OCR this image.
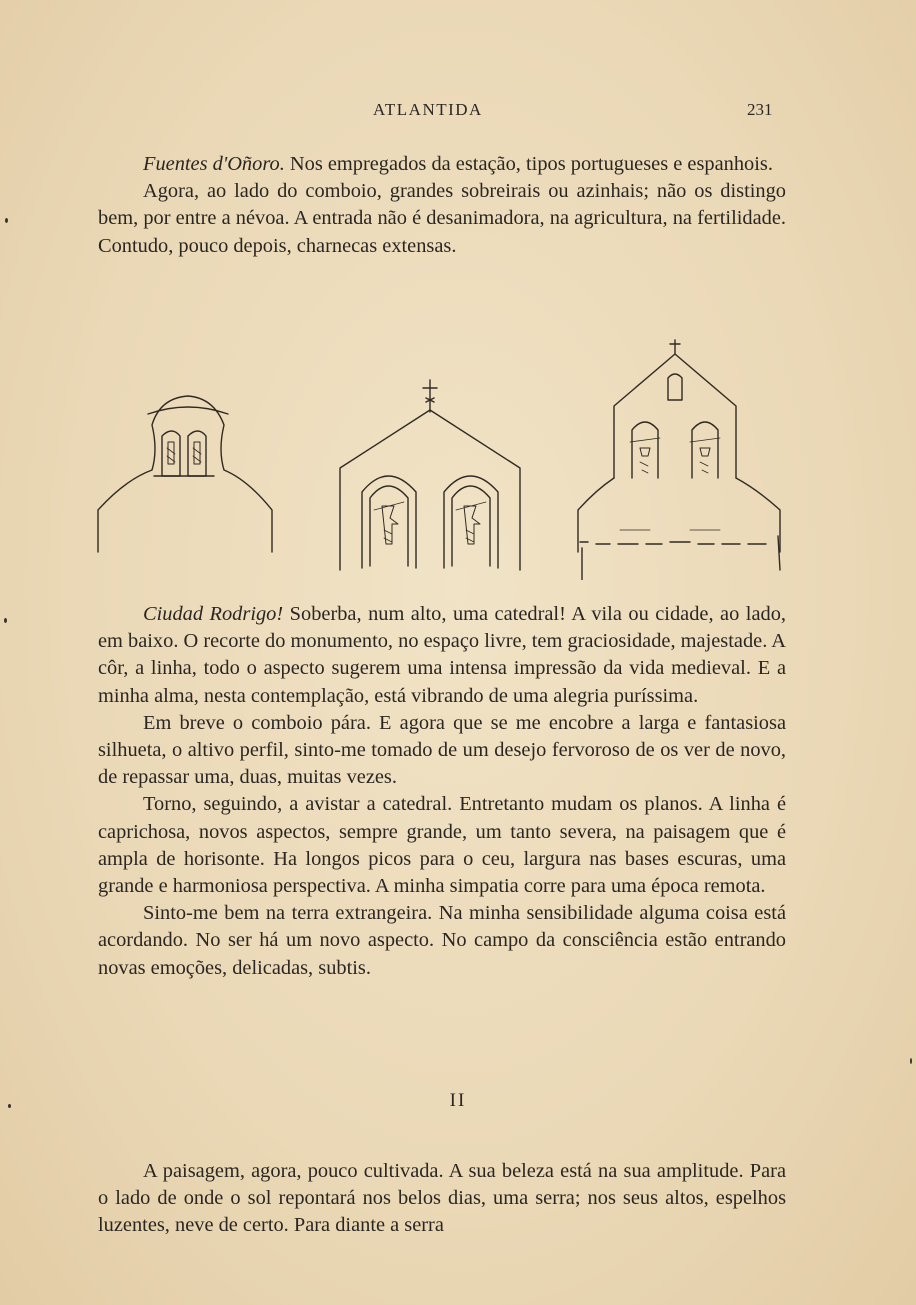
ATLANTIDA	231

Fuentes d'Oñoro. Nos empregados da estação, tipos portugueses e espanhois.

Agora, ao lado do comboio, grandes sobreirais ou azinhais; não os distingo bem, por entre a névoa. A entrada não é desanimadora, na agricultura, na fertilidade. Contudo, pouco depois, charnecas extensas.

Ciudad Rodrigo! Soberba, num alto, uma catedral! A vila ou cidade, ao lado, em baixo. O recorte do monumento, no espaço livre, tem graciosidade, majestade. A côr, a linha, todo o aspecto sugerem uma intensa impressão da vida medieval. E a minha alma, nesta contemplação, está vibrando de uma alegria puríssima.

Em breve o comboio pára. E agora que se me encobre a larga e fantasiosa silhueta, o altivo perfil, sinto-me tomado de um desejo fervoroso de os ver de novo, de repassar uma, duas, muitas vezes.

Torno, seguindo, a avistar a catedral. Entretanto mudam os planos. A linha é caprichosa, novos aspectos, sempre grande, um tanto severa, na paisagem que é ampla de horisonte. Ha longos picos para o ceu, largura nas bases escuras, uma grande e harmoniosa perspectiva. A minha simpatia corre para uma época remota.

Sinto-me bem na terra extrangeira. Na minha sensibilidade alguma coisa está acordando. No ser há um novo aspecto. No campo da consciência estão entrando novas emoções, delicadas, subtis.

II

A paisagem, agora, pouco cultivada. A sua beleza está na sua amplitude. Para o lado de onde o sol repontará nos belos dias, uma serra; nos seus altos, espelhos luzentes, neve de certo. Para diante a serra
